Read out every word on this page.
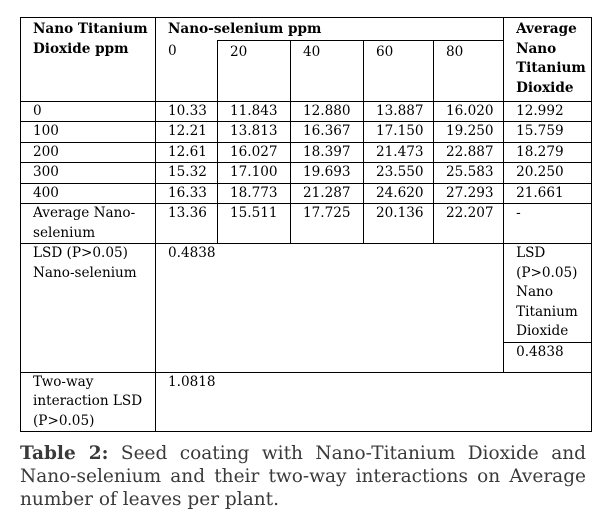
Nano Titanium Dioxide ppm	Nano-selenium ppm					Average Nano Titanium Dioxide
	0	20	40	60	80	
0	10.33	11.843	12.880	13.887	16.020	12.992
100	12.21	13.813	16.367	17.150	19.250	15.759
200	12.61	16.027	18.397	21.473	22.887	18.279
300	15.32	17.100	19.693	23.550	25.583	20.250
400	16.33	18.773	21.287	24.620	27.293	21.661
Average Nano-selenium	13.36	15.511	17.725	20.136	22.207	-
LSD (P>0.05) Nano-selenium	0.4838					LSD (P>0.05) Nano Titanium Dioxide
						0.4838
Two-way interaction LSD (P>0.05)	1.0818					
Table 2: Seed coating with Nano-Titanium Dioxide and Nano-selenium and their two-way interactions on Average number of leaves per plant.
